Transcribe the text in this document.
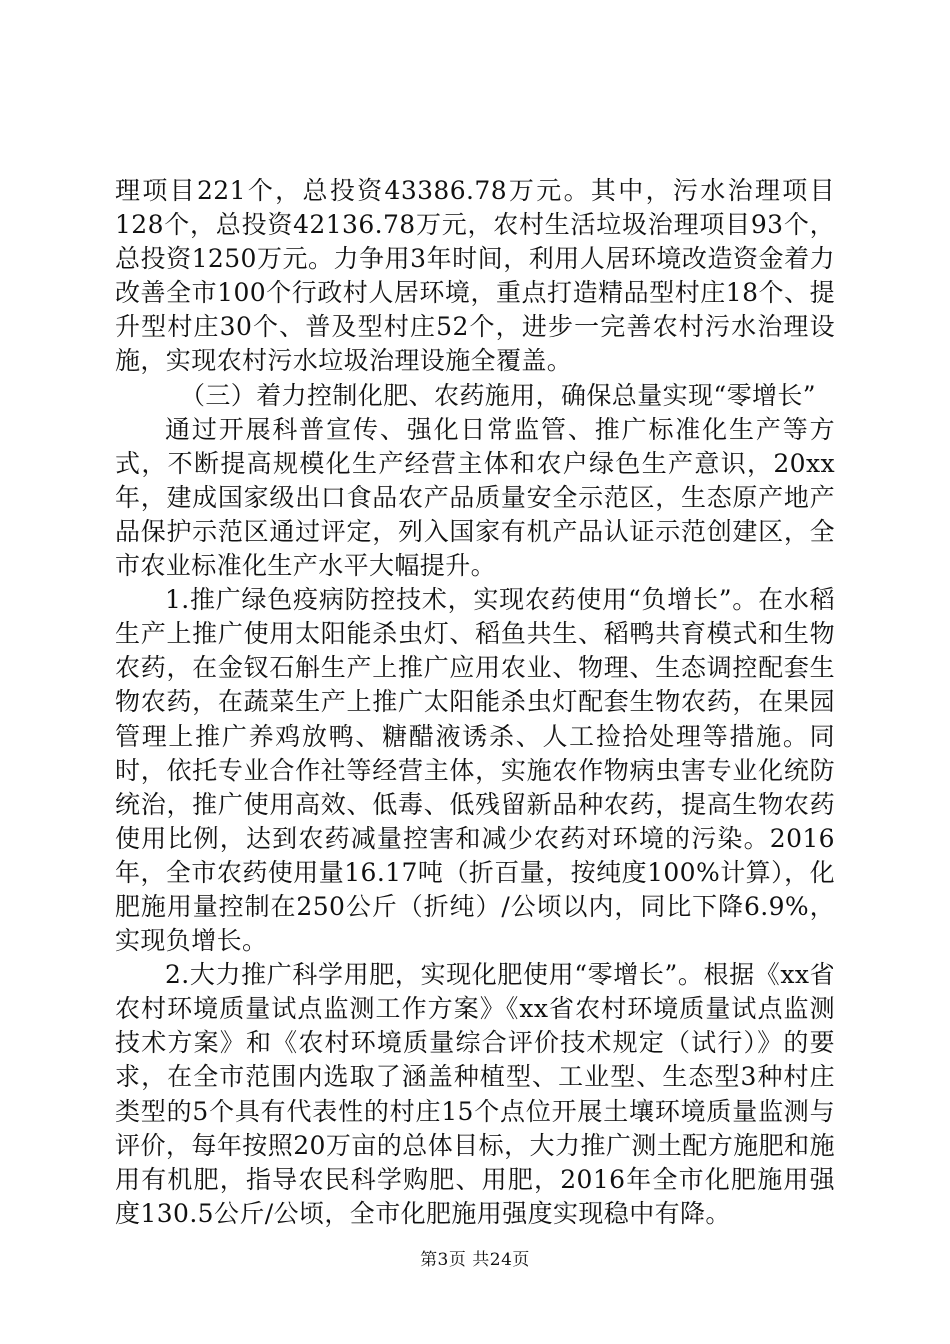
理项目221个，总投资43386.78万元。其中，污水治理项目128个，总投资42136.78万元，农村生活垃圾治理项目93个，总投资1250万元。力争用3年时间，利用人居环境改造资金着力改善全市100个行政村人居环境，重点打造精品型村庄18个、提升型村庄30个、普及型村庄52个，进步一完善农村污水治理设施，实现农村污水垃圾治理设施全覆盖。

（三）着力控制化肥、农药施用，确保总量实现“零增长”

通过开展科普宣传、强化日常监管、推广标准化生产等方式，不断提高规模化生产经营主体和农户绿色生产意识，20xx年，建成国家级出口食品农产品质量安全示范区，生态原产地产品保护示范区通过评定，列入国家有机产品认证示范创建区，全市农业标准化生产水平大幅提升。

1.推广绿色疫病防控技术，实现农药使用“负增长”。在水稻生产上推广使用太阳能杀虫灯、稻鱼共生、稻鸭共育模式和生物农药，在金钗石斛生产上推广应用农业、物理、生态调控配套生物农药，在蔬菜生产上推广太阳能杀虫灯配套生物农药，在果园管理上推广养鸡放鸭、糖醋液诱杀、人工捡拾处理等措施。同时，依托专业合作社等经营主体，实施农作物病虫害专业化统防统治，推广使用高效、低毒、低残留新品种农药，提高生物农药使用比例，达到农药减量控害和减少农药对环境的污染。2016年，全市农药使用量16.17吨（折百量，按纯度100%计算），化肥施用量控制在250公斤（折纯）/公顷以内，同比下降6.9%，实现负增长。

2.大力推广科学用肥，实现化肥使用“零增长”。根据《xx省农村环境质量试点监测工作方案》《xx省农村环境质量试点监测技术方案》和《农村环境质量综合评价技术规定（试行）》的要求，在全市范围内选取了涵盖种植型、工业型、生态型3种村庄类型的5个具有代表性的村庄15个点位开展土壤环境质量监测与评价，每年按照20万亩的总体目标，大力推广测土配方施肥和施用有机肥，指导农民科学购肥、用肥，2016年全市化肥施用强度130.5公斤/公顷，全市化肥施用强度实现稳中有降。

第3页 共24页
